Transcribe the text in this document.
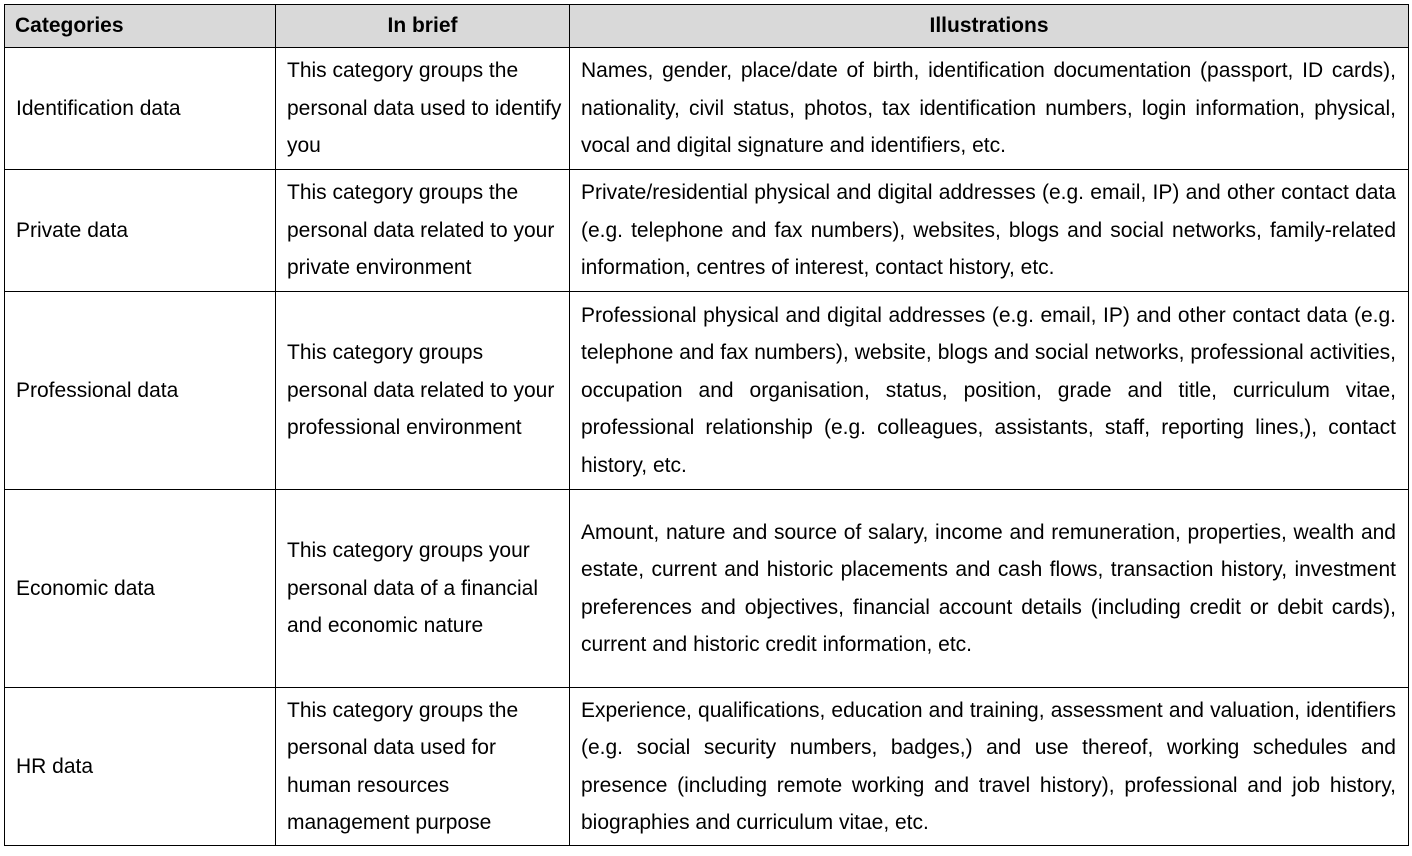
Categories	In brief	Illustrations
Identification data	This category groups the personal data used to identify you	Names, gender, place/date of birth, identification documentation (passport, ID cards), nationality, civil status, photos, tax identification numbers, login information, physical, vocal and digital signature and identifiers, etc.
Private data	This category groups the personal data related to your private environment	Private/residential physical and digital addresses (e.g. email, IP) and other contact data (e.g. telephone and fax numbers), websites, blogs and social networks, family-related information, centres of interest, contact history, etc.
Professional data	This category groups personal data related to your professional environment	Professional physical and digital addresses (e.g. email, IP) and other contact data (e.g. telephone and fax numbers), website, blogs and social networks, professional activities, occupation and organisation, status, position, grade and title, curriculum vitae, professional relationship (e.g. colleagues, assistants, staff, reporting lines,), contact history, etc.
Economic data	This category groups your personal data of a financial and economic nature	Amount, nature and source of salary, income and remuneration, properties, wealth and estate, current and historic placements and cash flows, transaction history, investment preferences and objectives, financial account details (including credit or debit cards), current and historic credit information, etc.
HR data	This category groups the personal data used for human resources management purpose	Experience, qualifications, education and training, assessment and valuation, identifiers (e.g. social security numbers, badges,) and use thereof, working schedules and presence (including remote working and travel history), professional and job history, biographies and curriculum vitae, etc.
